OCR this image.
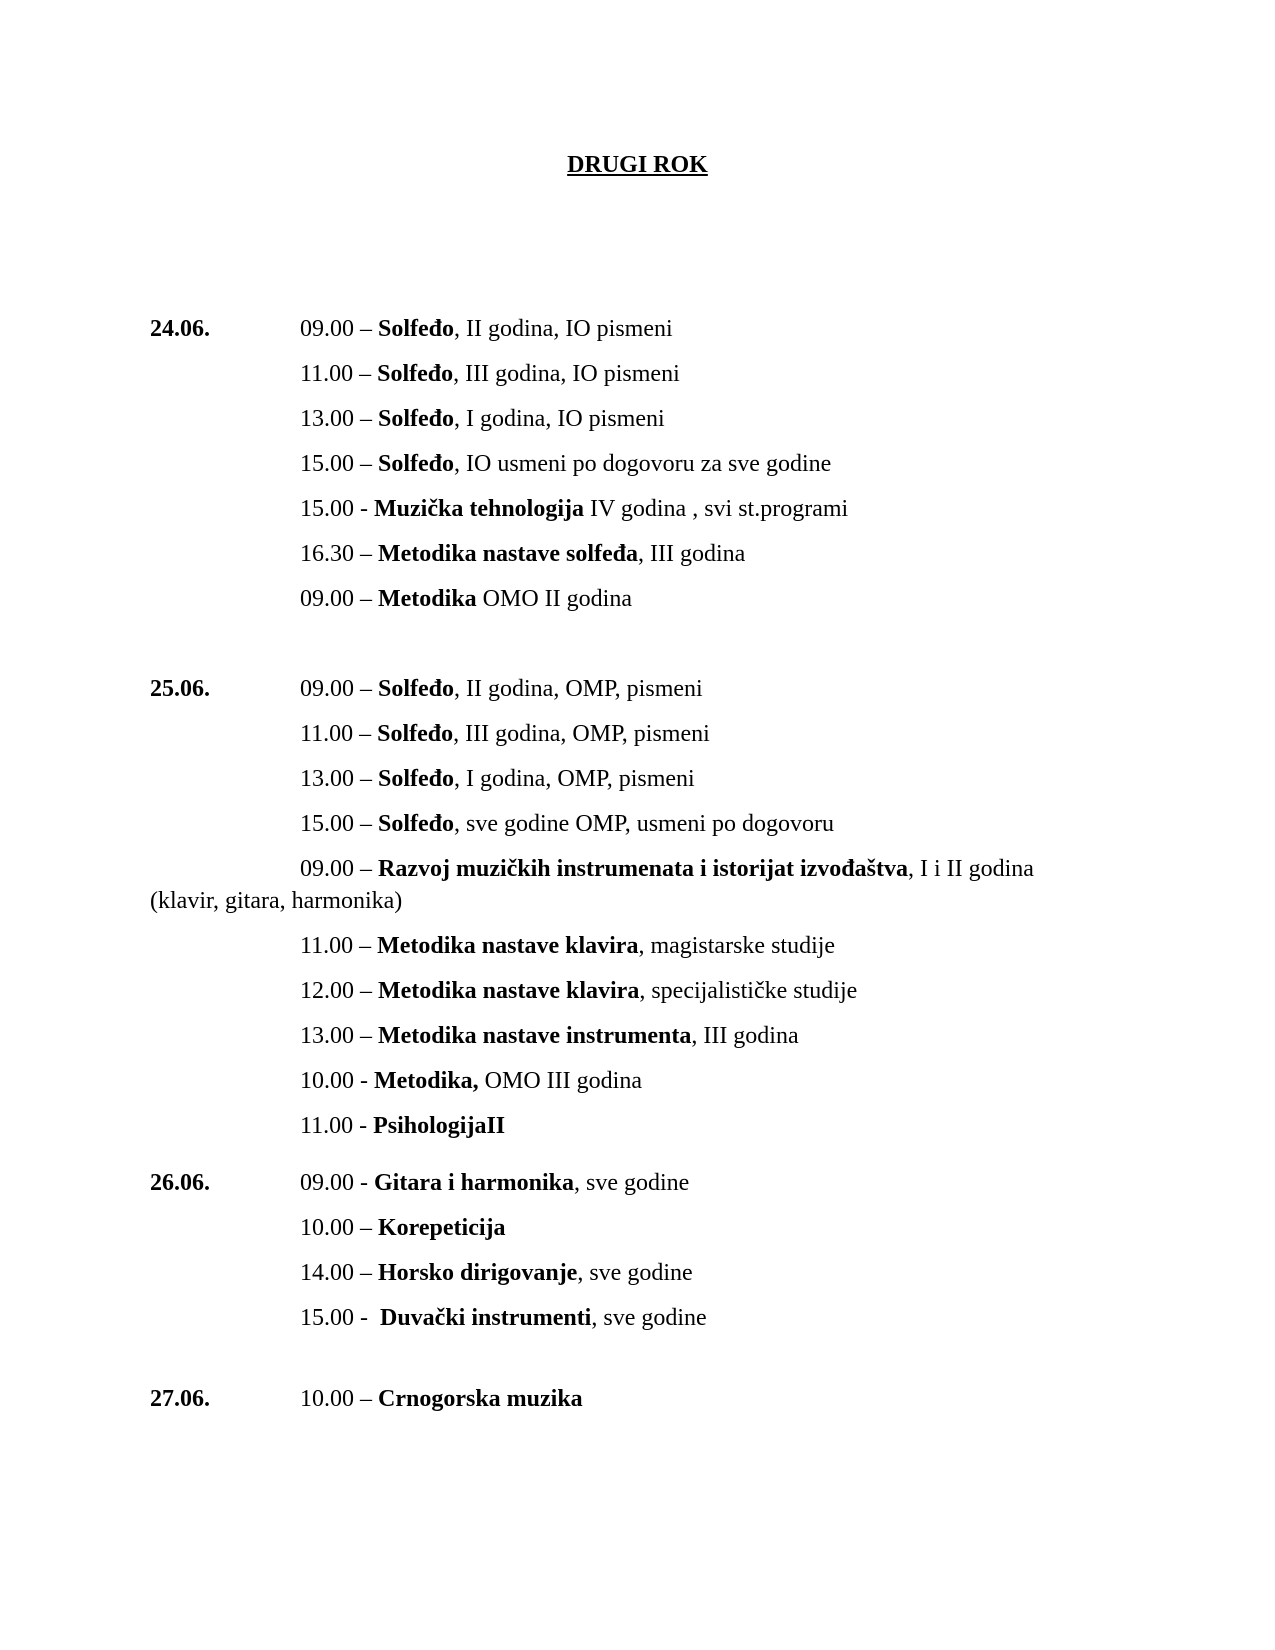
DRUGI ROK
24.06.	09.00 – Solfeđo, II godina, IO pismeni
11.00 – Solfeđo, III godina, IO pismeni
13.00 – Solfeđo, I godina, IO pismeni
15.00 – Solfeđo, IO usmeni po dogovoru za sve godine
15.00 - Muzička tehnologija IV godina , svi st.programi
16.30 – Metodika nastave solfeđa, III godina
09.00 – Metodika OMO II godina
25.06.	09.00 – Solfeđo, II godina, OMP, pismeni
11.00 – Solfeđo, III godina, OMP, pismeni
13.00 – Solfeđo, I godina, OMP, pismeni
15.00 – Solfeđo, sve godine OMP, usmeni po dogovoru
09.00 – Razvoj muzičkih instrumenata i istorijat izvođaštva, I i II godina
(klavir, gitara, harmonika)
11.00 – Metodika nastave klavira, magistarske studije
12.00 – Metodika nastave klavira, specijalističke studije
13.00 – Metodika nastave instrumenta, III godina
10.00 - Metodika, OMO III godina
11.00 - PsihologijaII
26.06.	09.00 - Gitara i harmonika, sve godine
10.00 – Korepeticija
14.00 – Horsko dirigovanje, sve godine
15.00 -  Duvački instrumenti, sve godine
27.06.	10.00 – Crnogorska muzika
